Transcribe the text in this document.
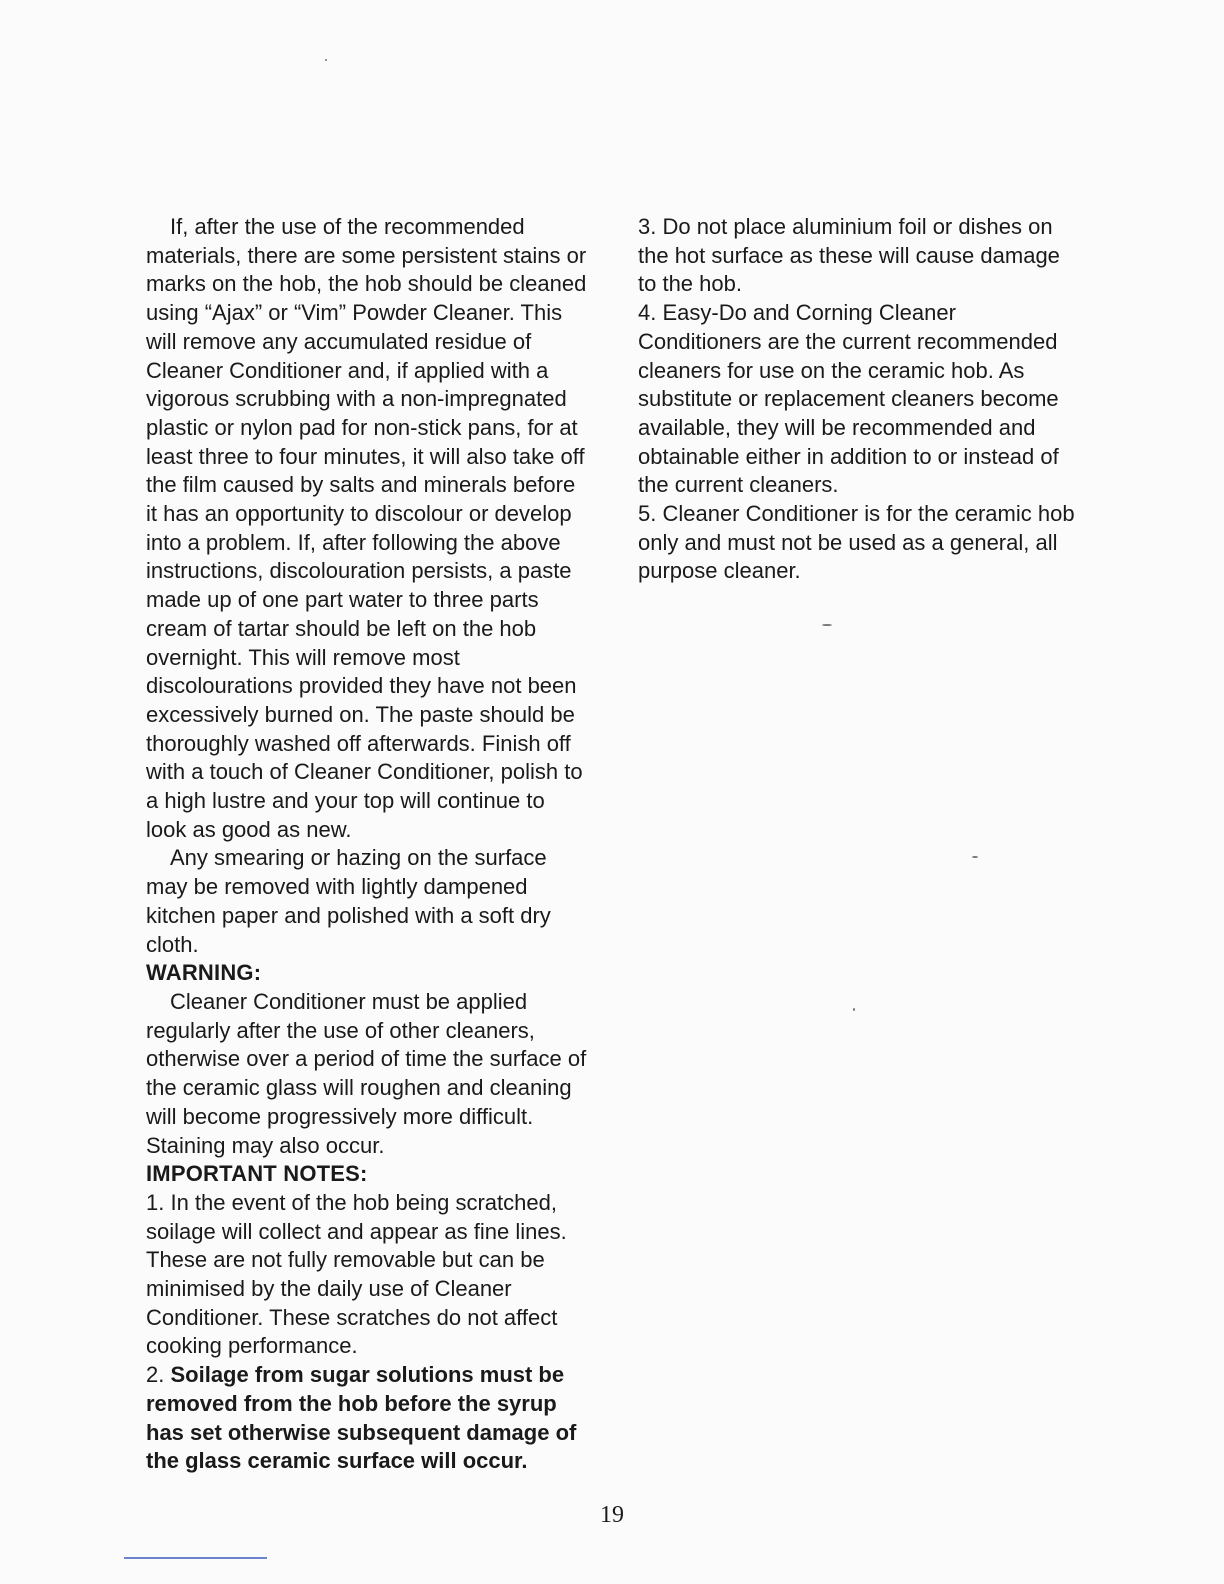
If, after the use of the recommended materials, there are some persistent stains or marks on the hob, the hob should be cleaned using “Ajax” or “Vim” Powder Cleaner. This will remove any accumulated residue of Cleaner Conditioner and, if applied with a vigorous scrubbing with a non-impregnated plastic or nylon pad for non-stick pans, for at least three to four minutes, it will also take off the film caused by salts and minerals before it has an opportunity to discolour or develop into a problem. If, after following the above instructions, discolouration persists, a paste made up of one part water to three parts cream of tartar should be left on the hob overnight. This will remove most discolourations provided they have not been excessively burned on. The paste should be thoroughly washed off afterwards. Finish off with a touch of Cleaner Conditioner, polish to a high lustre and your top will continue to look as good as new.

Any smearing or hazing on the surface may be removed with lightly dampened kitchen paper and polished with a soft dry cloth.

WARNING:

Cleaner Conditioner must be applied regularly after the use of other cleaners, otherwise over a period of time the surface of the ceramic glass will roughen and cleaning will become progressively more difficult. Staining may also occur.

IMPORTANT NOTES:

1. In the event of the hob being scratched, soilage will collect and appear as fine lines. These are not fully removable but can be minimised by the daily use of Cleaner Conditioner. These scratches do not affect cooking performance.

2. Soilage from sugar solutions must be removed from the hob before the syrup has set otherwise subsequent damage of the glass ceramic surface will occur.

3. Do not place aluminium foil or dishes on the hot surface as these will cause damage to the hob.

4. Easy-Do and Corning Cleaner Conditioners are the current recommended cleaners for use on the ceramic hob. As substitute or replacement cleaners become available, they will be recommended and obtainable either in addition to or instead of the current cleaners.

5. Cleaner Conditioner is for the ceramic hob only and must not be used as a general, all purpose cleaner.

19
